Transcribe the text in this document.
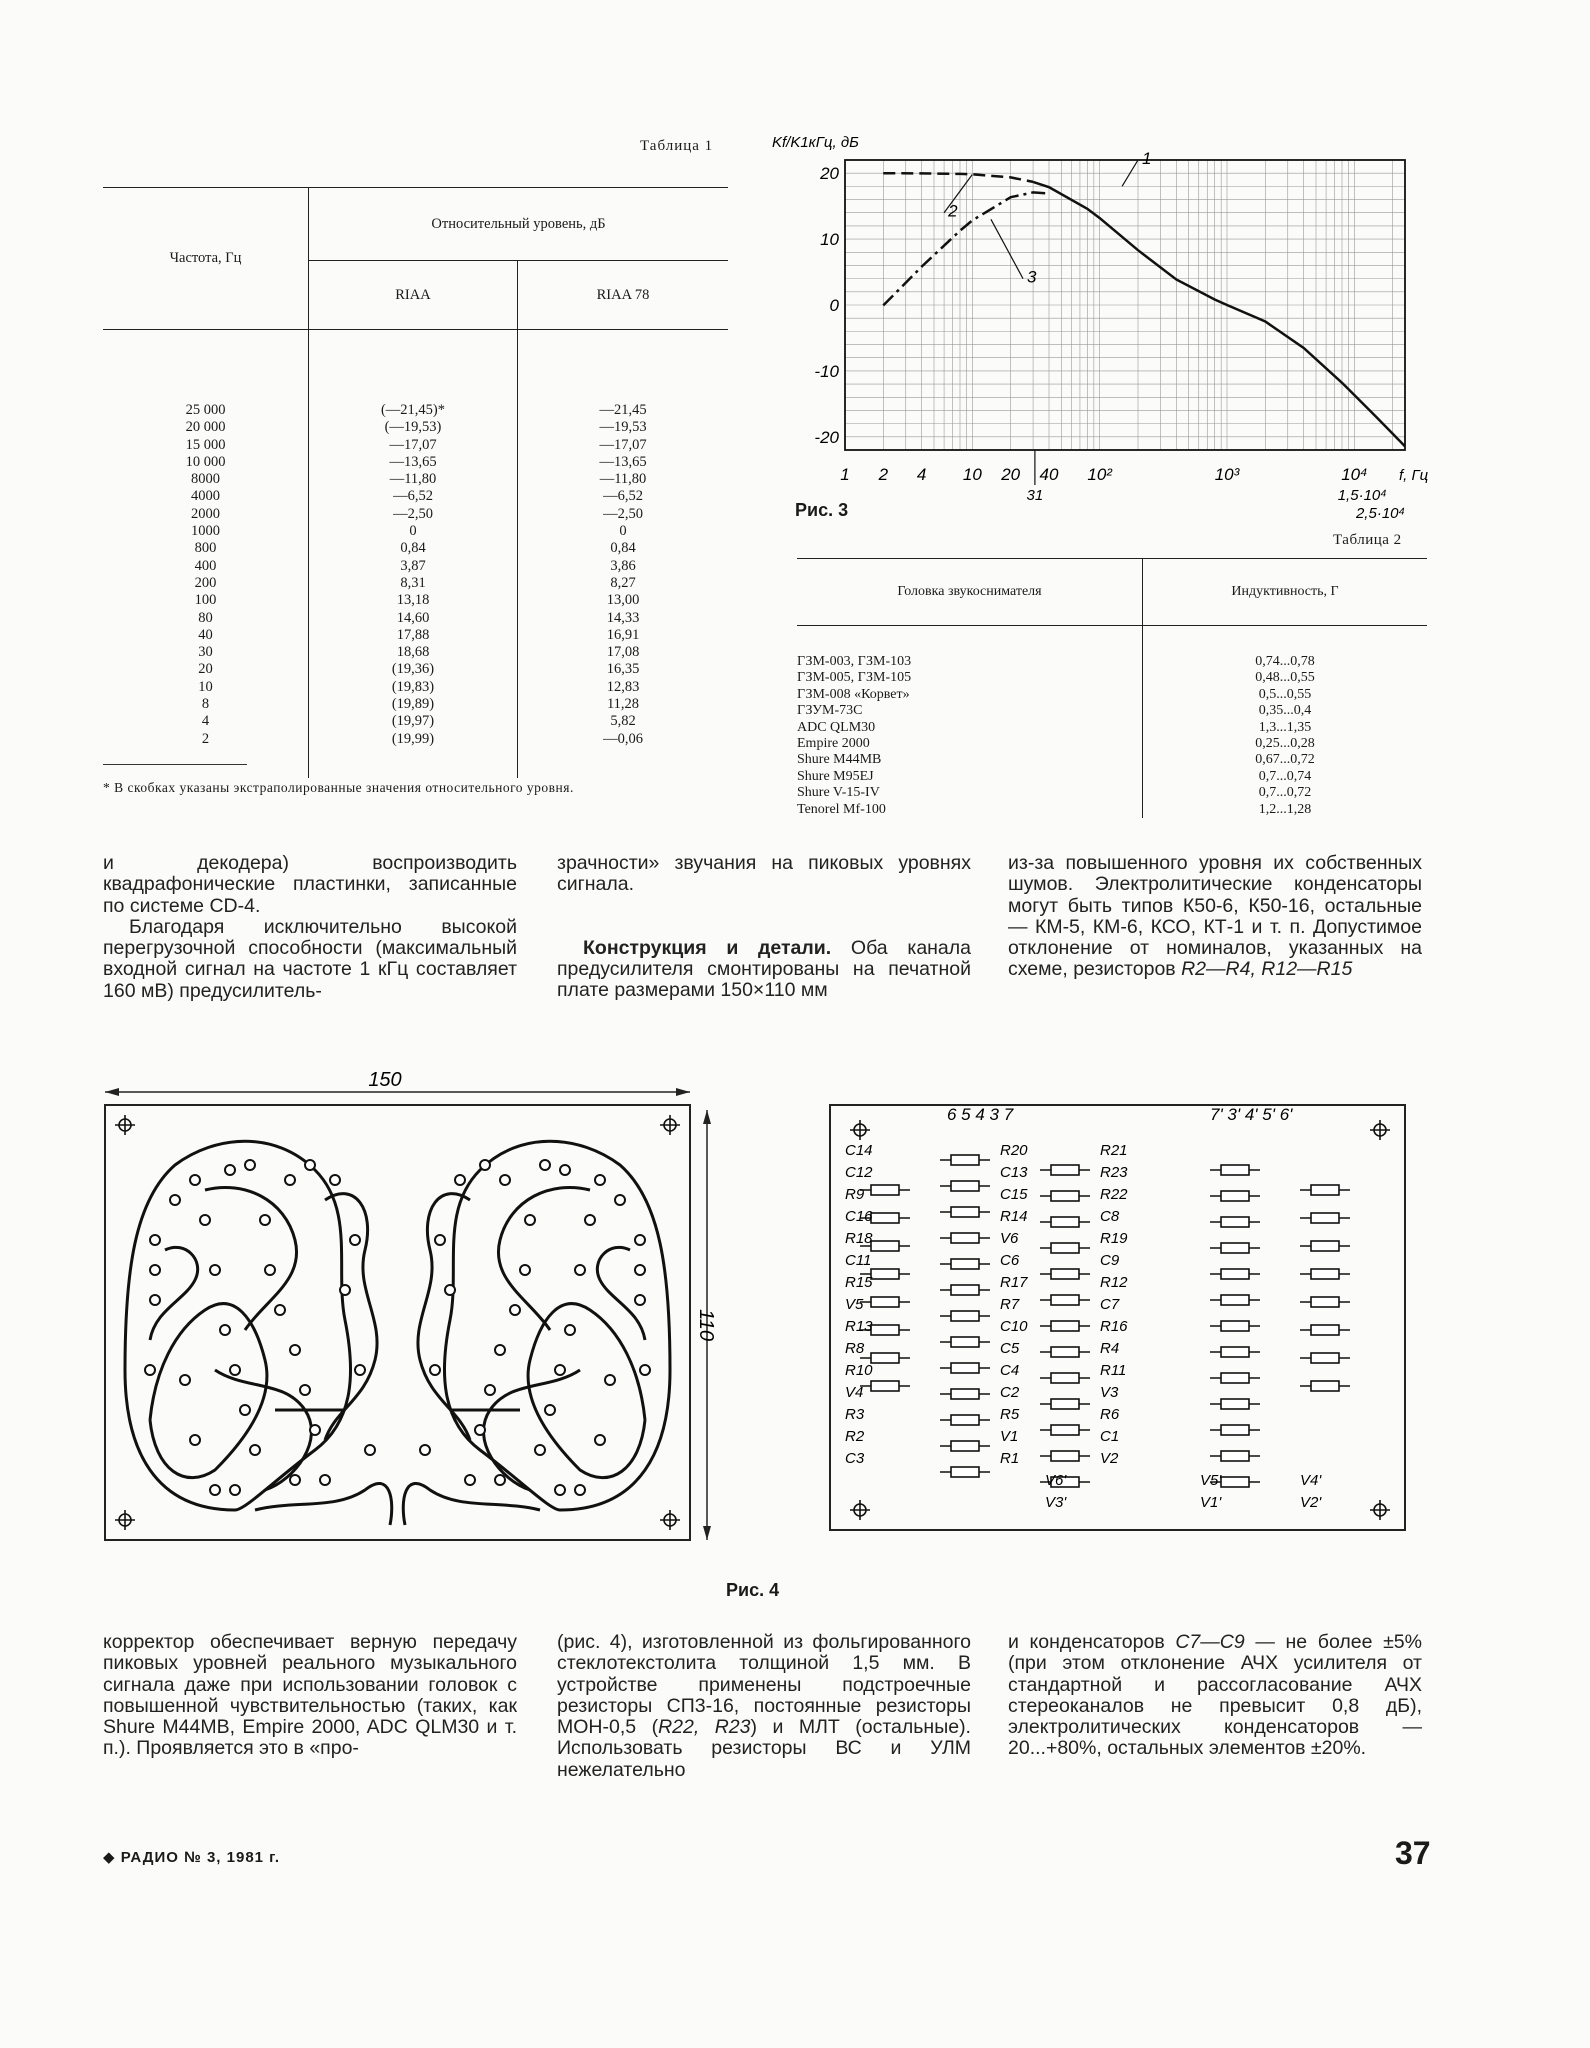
Таблица 1
Частота, Гц	Относительный уровень, дБ	
	RIAA	RIAA 78
25 000	(—21,45)*	—21,45
20 000	(—19,53)	—19,53
15 000	—17,07	—17,07
10 000	—13,65	—13,65
8000	—11,80	—11,80
4000	—6,52	—6,52
2000	—2,50	—2,50
1000	0	0
800	0,84	0,84
400	3,87	3,86
200	8,31	8,27
100	13,18	13,00
80	14,60	14,33
40	17,88	16,91
30	18,68	17,08
20	(19,36)	16,35
10	(19,83)	12,83
8	(19,89)	11,28
4	(19,97)	5,82
2	(19,99)	—0,06
* В скобках указаны экстраполированные значения относительного уровня.
20
10
0
-10
-20
1 2 4 10 20 40 10²	10³	10⁴
31	1,5·10⁴
2,5·10⁴
Kf/K1кГц, дБ
f, Гц
1
2
3
Рис. 3
Таблица 2
Головка звукоснимателя	Индуктивность, Г
ГЗМ-003, ГЗМ-103	0,74...0,78
ГЗМ-005, ГЗМ-105	0,48...0,55
ГЗМ-008 «Корвет»	0,5...0,55
ГЗУМ-73С	0,35...0,4
ADC QLM30	1,3...1,35
Empire 2000	0,25...0,28
Shure M44MB	0,67...0,72
Shure M95EJ	0,7...0,74
Shure V-15-IV	0,7...0,72
Tenorel Mf-100	1,2...1,28

и декодера) воспроизводить квадрафонические пластинки, записанные по системе CD-4.

Благодаря исключительно высокой перегрузочной способности (максимальный входной сигнал на частоте 1 кГц составляет 160 мВ) предусилитель-

зрачности» звучания на пиковых уровнях сигнала.

Конструкция и детали. Оба канала предусилителя смонтированы на печатной плате размерами 150×110 мм

из-за повышенного уровня их собственных шумов. Электролитические конденсаторы могут быть типов К50-6, К50-16, остальные — КМ-5, КМ-6, КСО, КТ-1 и т. п. Допустимое отклонение от номиналов, указанных на схеме, резисторов R2—R4, R12—R15

150
110
6 5 4 3 7	7' 3' 4' 5' 6'
C14	R20	R21
C12	C13	R23
R9	C15	R22
C16	R14	C8
R18	V6	R19
C11	C6	C9
R15	R17	R12
V5	R7	C7
R13	C10	R16
R8	C5	R4
R10	C4	R11
V4	C2	V3
R3	R5	R6
R2	V1	C1
C3	R1	V2
V6'	V5'	V4'
V3'	V1'	V2'
Рис. 4

корректор обеспечивает верную передачу пиковых уровней реального музыкального сигнала даже при использовании головок с повышенной чувствительностью (таких, как Shure M44MB, Empire 2000, ADC QLM30 и т. п.). Проявляется это в «про-

(рис. 4), изготовленной из фольгированного стеклотекстолита толщиной 1,5 мм. В устройстве применены подстроечные резисторы СП3-16, постоянные резисторы МОН-0,5 (R22, R23) и МЛТ (остальные). Использовать резисторы ВС и УЛМ нежелательно

и конденсаторов C7—C9 — не более ±5% (при этом отклонение АЧХ усилителя от стандартной и рассогласование АЧХ стереоканалов не превысит 0,8 дБ), электролитических конденсаторов —20...+80%, остальных элементов ±20%.

◆ РАДИО № 3, 1981 г.	37
